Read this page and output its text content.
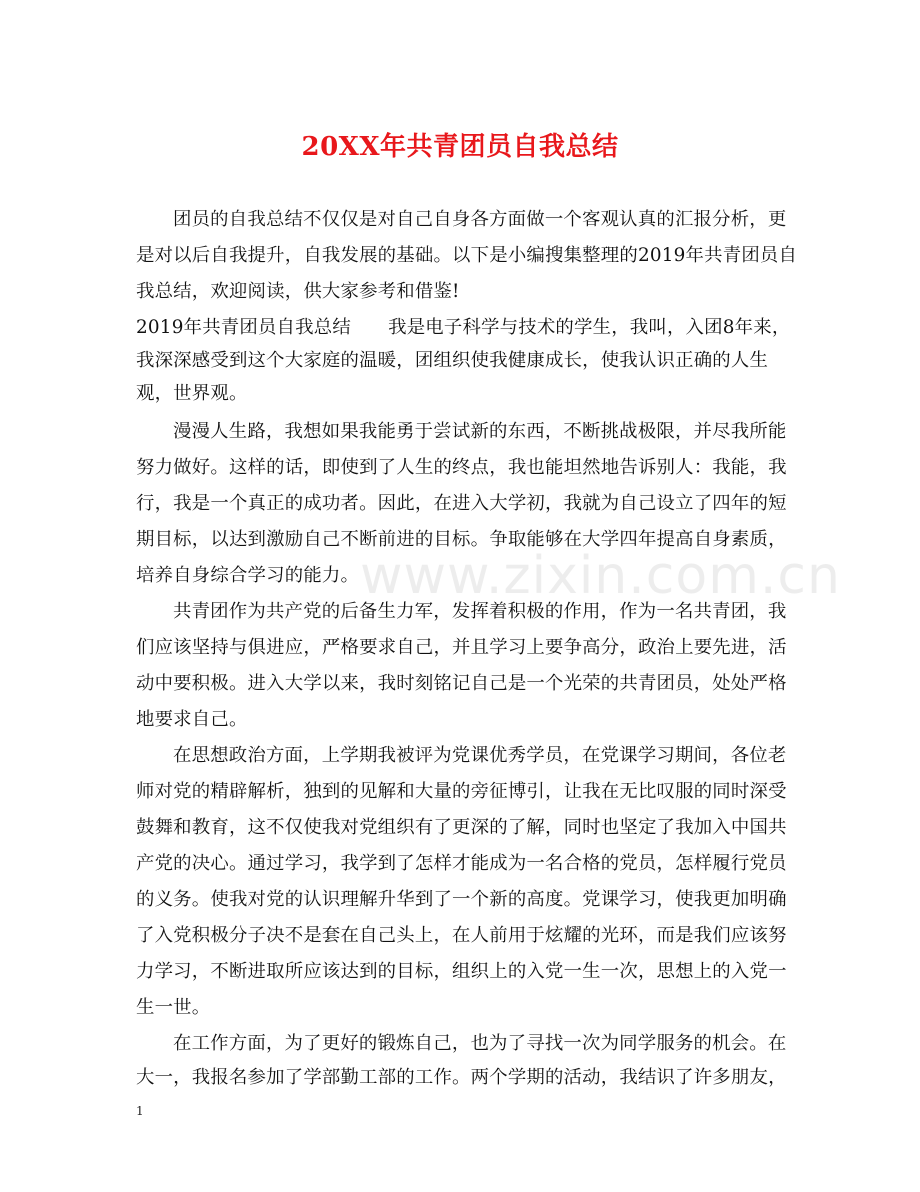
20XX年共青团员自我总结
www.zixin.com.cn
团员的自我总结不仅仅是对自己自身各方面做一个客观认真的汇报分析，更
是对以后自我提升，自我发展的基础。以下是小编搜集整理的2019年共青团员自
我总结，欢迎阅读，供大家参考和借鉴!
2019年共青团员自我总结　　我是电子科学与技术的学生，我叫，入团8年来，
我深深感受到这个大家庭的温暖，团组织使我健康成长，使我认识正确的人生
观，世界观。
漫漫人生路，我想如果我能勇于尝试新的东西，不断挑战极限，并尽我所能
努力做好。这样的话，即使到了人生的终点，我也能坦然地告诉别人：我能，我
行，我是一个真正的成功者。因此，在进入大学初，我就为自己设立了四年的短
期目标，以达到激励自己不断前进的目标。争取能够在大学四年提高自身素质，
培养自身综合学习的能力。
共青团作为共产党的后备生力军，发挥着积极的作用，作为一名共青团，我
们应该坚持与俱进应，严格要求自己，并且学习上要争高分，政治上要先进，活
动中要积极。进入大学以来，我时刻铭记自己是一个光荣的共青团员，处处严格
地要求自己。
在思想政治方面，上学期我被评为党课优秀学员，在党课学习期间，各位老
师对党的精辟解析，独到的见解和大量的旁征博引，让我在无比叹服的同时深受
鼓舞和教育，这不仅使我对党组织有了更深的了解，同时也坚定了我加入中国共
产党的决心。通过学习，我学到了怎样才能成为一名合格的党员，怎样履行党员
的义务。使我对党的认识理解升华到了一个新的高度。党课学习，使我更加明确
了入党积极分子决不是套在自己头上，在人前用于炫耀的光环，而是我们应该努
力学习，不断进取所应该达到的目标，组织上的入党一生一次，思想上的入党一
生一世。
在工作方面，为了更好的锻炼自己，也为了寻找一次为同学服务的机会。在
大一，我报名参加了学部勤工部的工作。两个学期的活动，我结识了许多朋友，
1
